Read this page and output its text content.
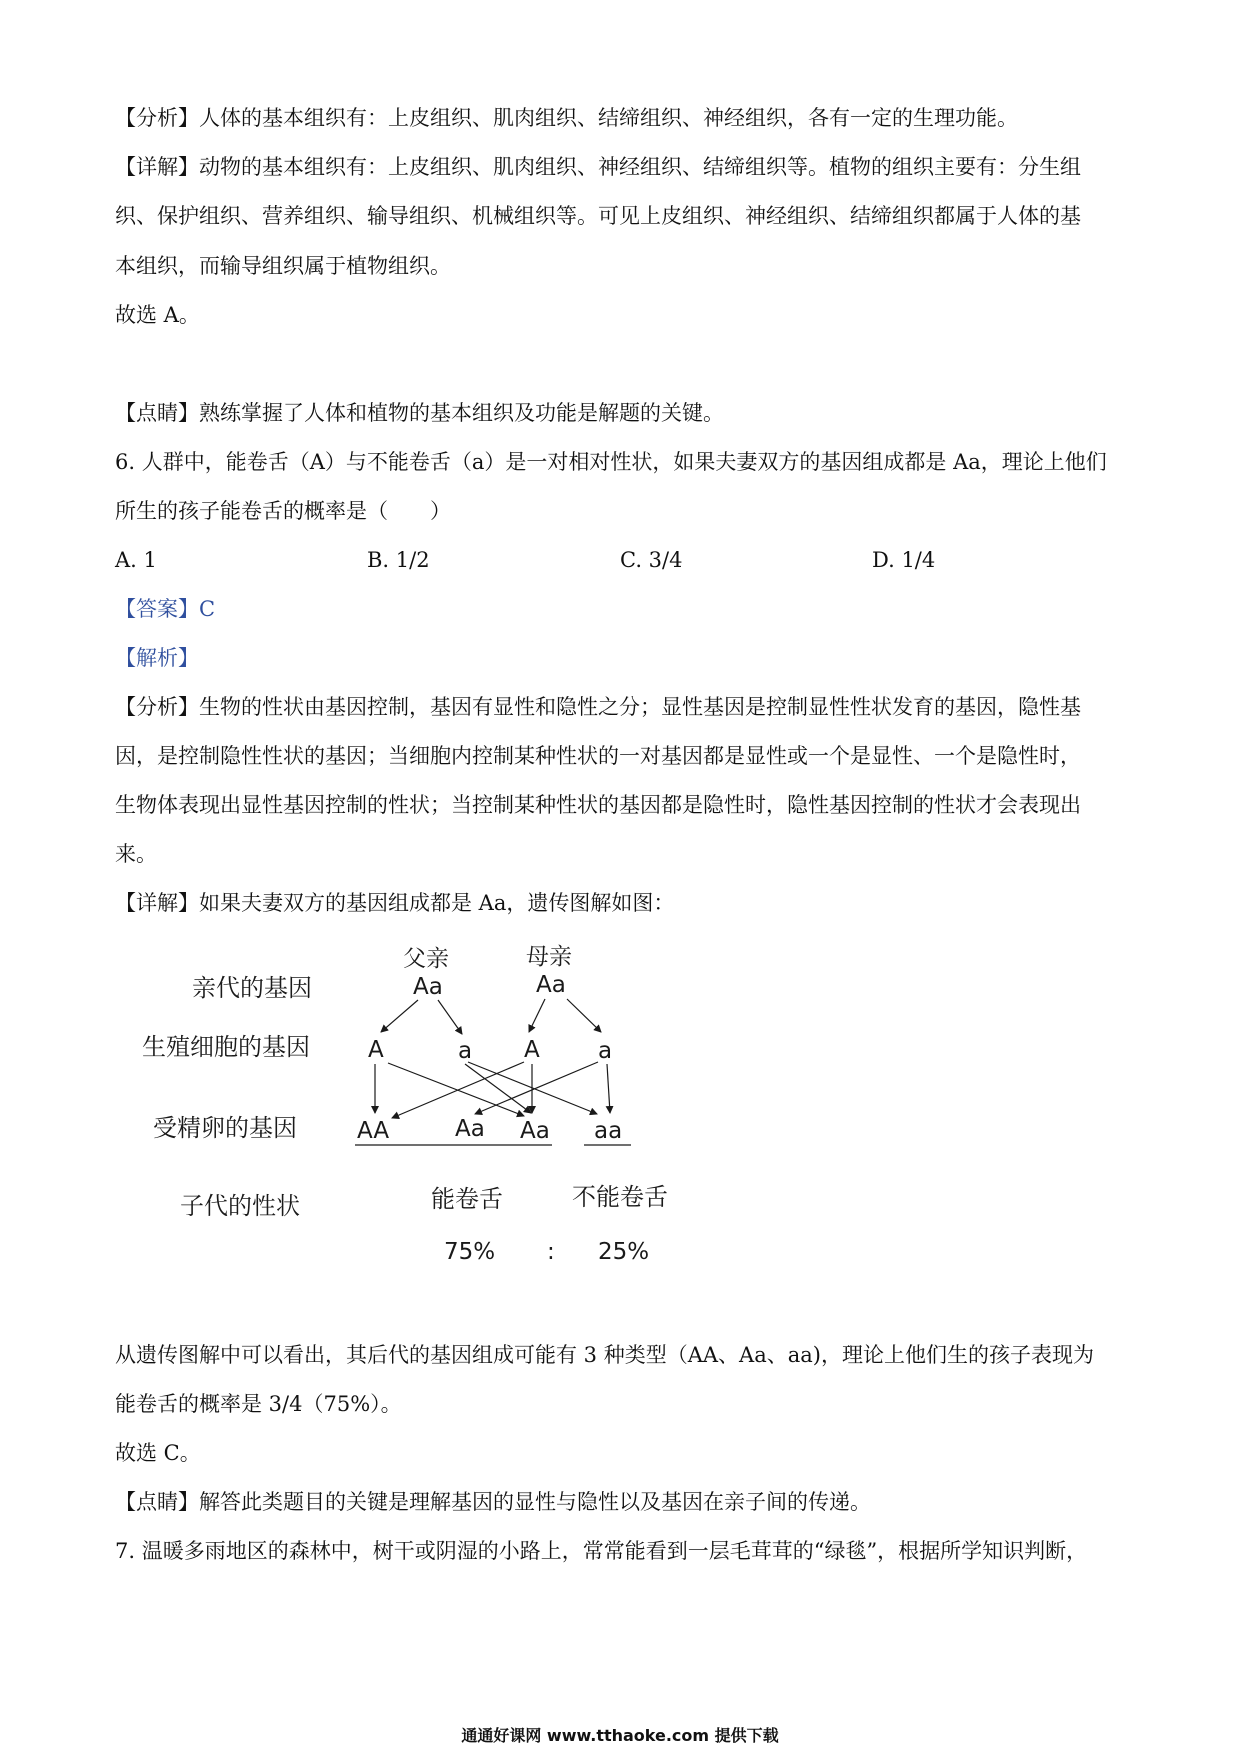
【分析】人体的基本组织有：上皮组织、肌肉组织、结缔组织、神经组织，各有一定的生理功能。
【详解】动物的基本组织有：上皮组织、肌肉组织、神经组织、结缔组织等。植物的组织主要有：分生组
织、保护组织、营养组织、输导组织、机械组织等。可见上皮组织、神经组织、结缔组织都属于人体的基
本组织，而输导组织属于植物组织。
故选 A。
【点睛】熟练掌握了人体和植物的基本组织及功能是解题的关键。
6. 人群中，能卷舌（A）与不能卷舌（a）是一对相对性状，如果夫妻双方的基因组成都是 Aa，理论上他们
所生的孩子能卷舌的概率是（　　）
A. 1	B. 1/2	C. 3/4	D. 1/4
【答案】C
【解析】
【分析】生物的性状由基因控制，基因有显性和隐性之分；显性基因是控制显性性状发育的基因，隐性基
因，是控制隐性性状的基因；当细胞内控制某种性状的一对基因都是显性或一个是显性、一个是隐性时，
生物体表现出显性基因控制的性状；当控制某种性状的基因都是隐性时，隐性基因控制的性状才会表现出
来。
【详解】如果夫妻双方的基因组成都是 Aa，遗传图解如图：
亲代的基因
生殖细胞的基因
受精卵的基因
子代的性状
父亲
Aa
母亲
Aa
A	a A	a
AA	Aa Aa aa
能卷舌	不能卷舌
75% : 25%
从遗传图解中可以看出，其后代的基因组成可能有 3 种类型（AA、Aa、aa)，理论上他们生的孩子表现为
能卷舌的概率是 3/4（75%）。
故选 C。
【点睛】解答此类题目的关键是理解基因的显性与隐性以及基因在亲子间的传递。
7. 温暖多雨地区的森林中，树干或阴湿的小路上，常常能看到一层毛茸茸的“绿毯”，根据所学知识判断，
通通好课网 www.tthaoke.com 提供下载
